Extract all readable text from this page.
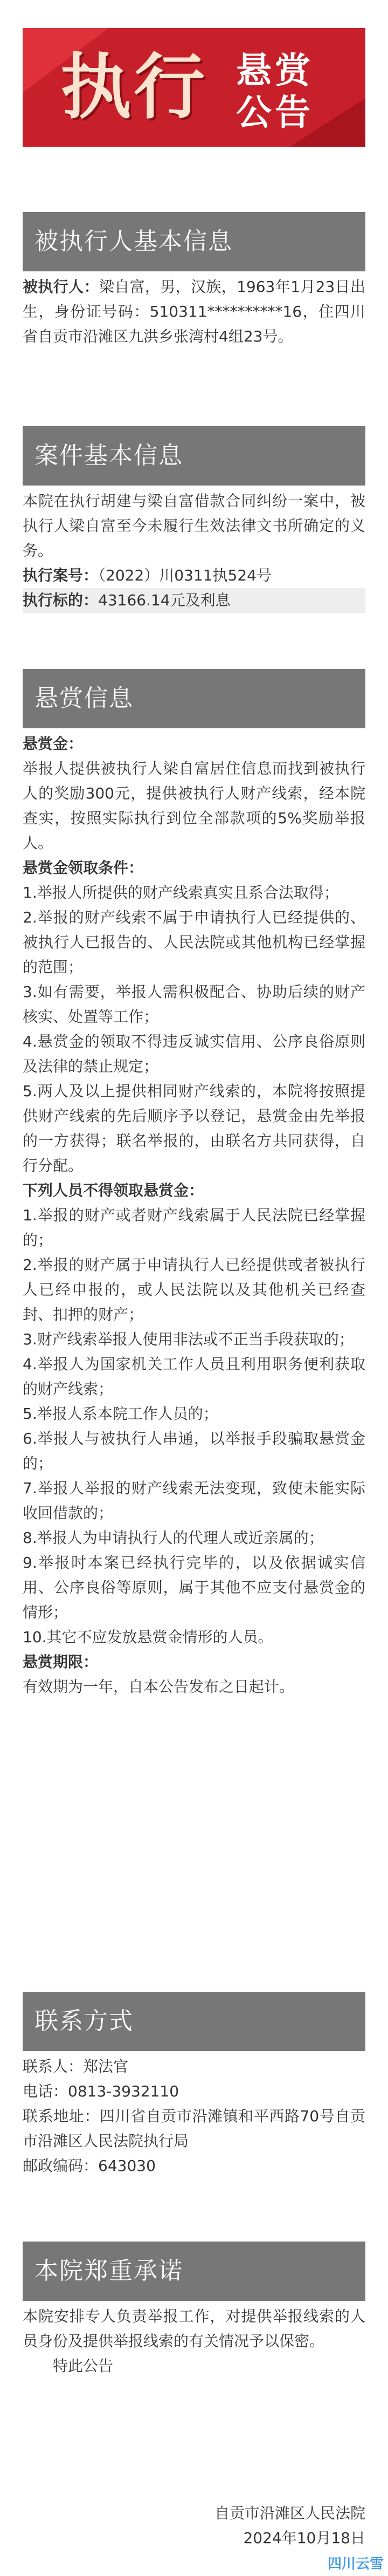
执行 悬赏
公告
被执行人基本信息

被执行人：梁自富，男，汉族，1963年1月23日出生，身份证号码：510311**********16，住四川省自贡市沿滩区九洪乡张湾村4组23号。

案件基本信息

本院在执行胡建与梁自富借款合同纠纷一案中，被执行人梁自富至今未履行生效法律文书所确定的义务。

执行案号：（2022）川0311执524号

执行标的：43166.14元及利息

悬赏信息

悬赏金：

举报人提供被执行人梁自富居住信息而找到被执行人的奖励300元，提供被执行人财产线索，经本院查实，按照实际执行到位全部款项的5%奖励举报人。

悬赏金领取条件：

1.举报人所提供的财产线索真实且系合法取得；

2.举报的财产线索不属于申请执行人已经提供的、被执行人已报告的、人民法院或其他机构已经掌握的范围；

3.如有需要，举报人需积极配合、协助后续的财产核实、处置等工作；

4.悬赏金的领取不得违反诚实信用、公序良俗原则及法律的禁止规定；

5.两人及以上提供相同财产线索的，本院将按照提供财产线索的先后顺序予以登记，悬赏金由先举报的一方获得；联名举报的，由联名方共同获得，自行分配。

下列人员不得领取悬赏金：

1.举报的财产或者财产线索属于人民法院已经掌握的；

2.举报的财产属于申请执行人已经提供或者被执行人已经申报的，或人民法院以及其他机关已经查封、扣押的财产；

3.财产线索举报人使用非法或不正当手段获取的；

4.举报人为国家机关工作人员且利用职务便利获取的财产线索；

5.举报人系本院工作人员的；

6.举报人与被执行人串通，以举报手段骗取悬赏金的；

7.举报人举报的财产线索无法变现，致使未能实际收回借款的；

8.举报人为申请执行人的代理人或近亲属的；

9.举报时本案已经执行完毕的，以及依据诚实信用、公序良俗等原则，属于其他不应支付悬赏金的情形；

10.其它不应发放悬赏金情形的人员。

悬赏期限：

有效期为一年，自本公告发布之日起计。

联系方式

联系人：郑法官

电话：0813-3932110

联系地址：四川省自贡市沿滩镇和平西路70号自贡市沿滩区人民法院执行局

邮政编码：643030

本院郑重承诺

本院安排专人负责举报工作，对提供举报线索的人员身份及提供举报线索的有关情况予以保密。

特此公告

自贡市沿滩区人民法院

2024年10月18日

四川云雪
